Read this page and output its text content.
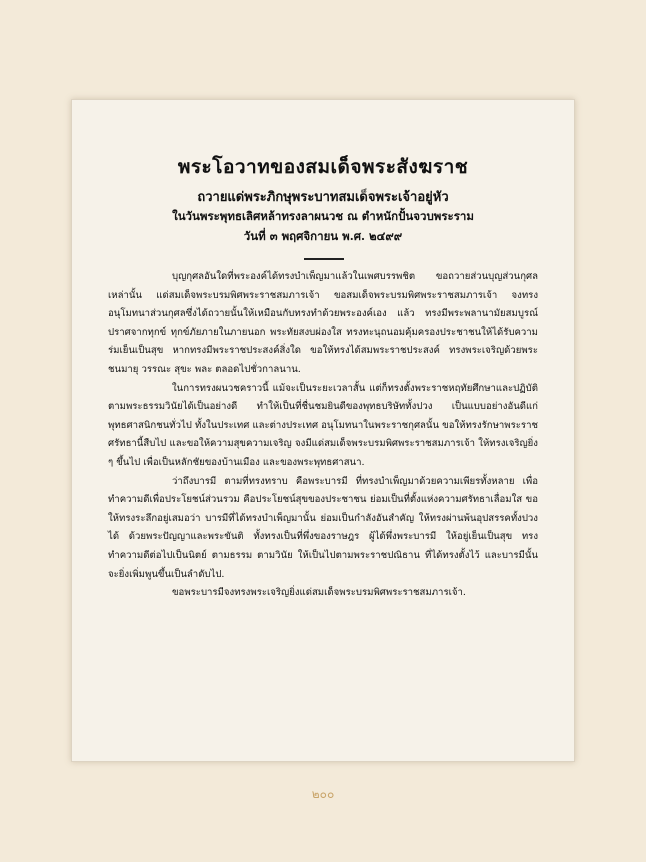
พระโอวาทของสมเด็จพระสังฆราช
ถวายแด่พระภิกษุพระบาทสมเด็จพระเจ้าอยู่หัว
ในวันพระพุทธเลิศหล้าทรงลาผนวช ณ ตำหนักปั้นจวบพระราม
วันที่ ๓ พฤศจิกายน พ.ศ. ๒๔๙๙

บุญกุศลอันใดที่พระองค์ได้ทรงบำเพ็ญมาแล้วในเพศบรรพชิต ขอถวายส่วนบุญส่วนกุศลเหล่านั้น แด่สมเด็จพระบรมพิศพระราชสมภารเจ้า ขอสมเด็จพระบรมพิศพระราชสมภารเจ้า จงทรงอนุโมทนาส่วนกุศลซึ่งได้ถวายนั้นให้เหมือนกับทรงทำด้วยพระองค์เอง แล้ว ทรงมีพระพลานามัยสมบูรณ์ ปราศจากทุกข์ ทุกข์ภัยภายในภายนอก พระทัยสงบผ่องใส ทรงทะนุถนอมคุ้มครองประชาชนให้ได้รับความร่มเย็นเป็นสุข หากทรงมีพระราชประสงค์สิ่งใด ขอให้ทรงได้สมพระราชประสงค์ ทรงพระเจริญด้วยพระชนมายุ วรรณะ สุขะ พละ ตลอดไปชั่วกาลนาน.

ในการทรงผนวชคราวนี้ แม้จะเป็นระยะเวลาสั้น แต่ก็ทรงตั้งพระราชหฤทัยศึกษาและปฏิบัติตามพระธรรมวินัยได้เป็นอย่างดี ทำให้เป็นที่ชื่นชมยินดีของพุทธบริษัททั้งปวง เป็นแบบอย่างอันดีแก่พุทธศาสนิกชนทั่วไป ทั้งในประเทศ และต่างประเทศ อนุโมทนาในพระราชกุศลนั้น ขอให้ทรงรักษาพระราชศรัทธานี้สืบไป และขอให้ความสุขความเจริญ จงมีแด่สมเด็จพระบรมพิศพระราชสมภารเจ้า ให้ทรงเจริญยิ่ง ๆ ขึ้นไป เพื่อเป็นหลักชัยของบ้านเมือง และของพระพุทธศาสนา.

ว่าถึงบารมี ตามที่ทรงทราบ คือพระบารมี ที่ทรงบำเพ็ญมาด้วยความเพียรทั้งหลาย เพื่อทำความดีเพื่อประโยชน์ส่วนรวม คือประโยชน์สุขของประชาชน ย่อมเป็นที่ตั้งแห่งความศรัทธาเลื่อมใส ขอให้ทรงระลึกอยู่เสมอว่า บารมีที่ได้ทรงบำเพ็ญมานั้น ย่อมเป็นกำลังอันสำคัญ ให้ทรงผ่านพ้นอุปสรรคทั้งปวงได้ ด้วยพระปัญญาและพระขันติ ทั้งทรงเป็นที่พึ่งของราษฎร ผู้ได้พึ่งพระบารมี ให้อยู่เย็นเป็นสุข ทรงทำความดีต่อไปเป็นนิตย์ ตามธรรม ตามวินัย ให้เป็นไปตามพระราชปณิธาน ที่ได้ทรงตั้งไว้ และบารมีนั้นจะยิ่งเพิ่มพูนขึ้นเป็นลำดับไป.

ขอพระบารมีจงทรงพระเจริญยิ่งแด่สมเด็จพระบรมพิศพระราชสมภารเจ้า.

๒๐๐
